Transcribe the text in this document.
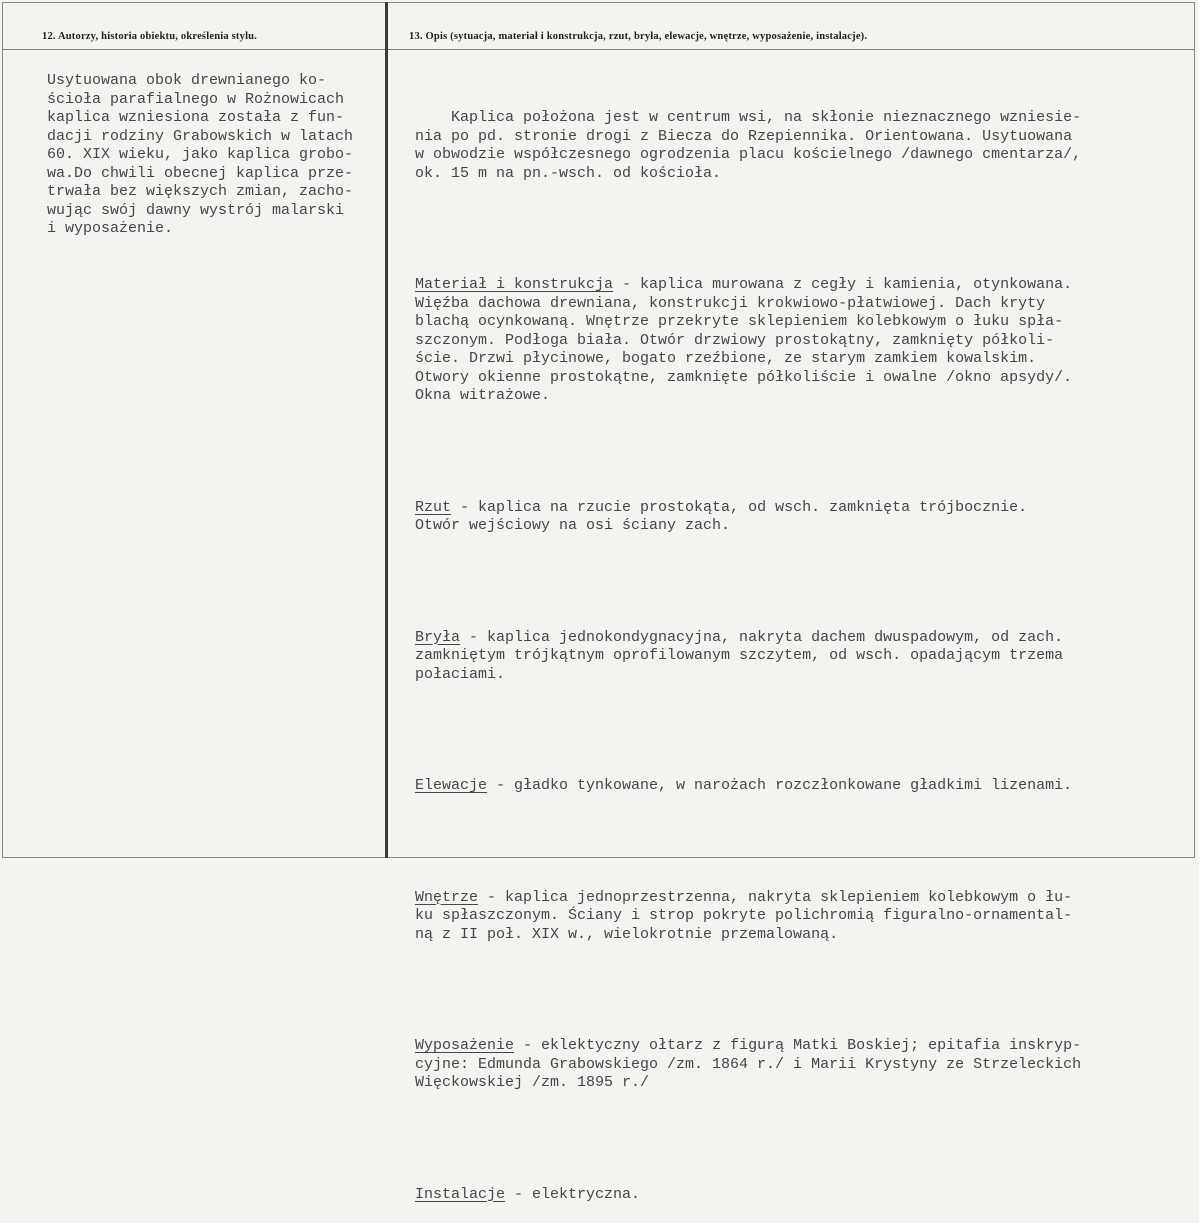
12. Autorzy, historia obiektu, określenia stylu.	13. Opis (sytuacja, materiał i konstrukcja, rzut, bryła, elewacje, wnętrze, wyposażenie, instalacje).
Usytuowana obok drewnianego ko-
ścioła parafialnego w Rożnowicach
kaplica wzniesiona została z fun-
dacji rodziny Grabowskich w latach
60. XIX wieku, jako kaplica grobo-
wa.Do chwili obecnej kaplica prze-
trwała bez większych zmian, zacho-
wując swój dawny wystrój malarski
i wyposażenie.

Kaplica położona jest w centrum wsi, na skłonie nieznacznego wzniesie-
nia po pd. stronie drogi z Biecza do Rzepiennika. Orientowana. Usytuowana
w obwodzie współczesnego ogrodzenia placu kościelnego /dawnego cmentarza/,
ok. 15 m na pn.-wsch. od kościoła.

Materiał i konstrukcja - kaplica murowana z cegły i kamienia, otynkowana.
Więźba dachowa drewniana, konstrukcji krokwiowo-płatwiowej. Dach kryty
blachą ocynkowaną. Wnętrze przekryte sklepieniem kolebkowym o łuku spła-
szczonym. Podłoga biała. Otwór drzwiowy prostokątny, zamknięty półkoli-
ście. Drzwi płycinowe, bogato rzeźbione, ze starym zamkiem kowalskim.
Otwory okienne prostokątne, zamknięte półkoliście i owalne /okno apsydy/.
Okna witrażowe.

Rzut - kaplica na rzucie prostokąta, od wsch. zamknięta trójbocznie.
Otwór wejściowy na osi ściany zach.

Bryła - kaplica jednokondygnacyjna, nakryta dachem dwuspadowym, od zach.
zamkniętym trójkątnym oprofilowanym szczytem, od wsch. opadającym trzema
połaciami.

Elewacje - gładko tynkowane, w narożach rozczłonkowane gładkimi lizenami.

Wnętrze - kaplica jednoprzestrzenna, nakryta sklepieniem kolebkowym o łu-
ku spłaszczonym. Ściany i strop pokryte polichromią figuralno-ornamental-
ną z II poł. XIX w., wielokrotnie przemalowaną.

Wyposażenie - eklektyczny ołtarz z figurą Matki Boskiej; epitafia inskryp-
cyjne: Edmunda Grabowskiego /zm. 1864 r./ i Marii Krystyny ze Strzeleckich
Więckowskiej /zm. 1895 r./

Instalacje - elektryczna.
